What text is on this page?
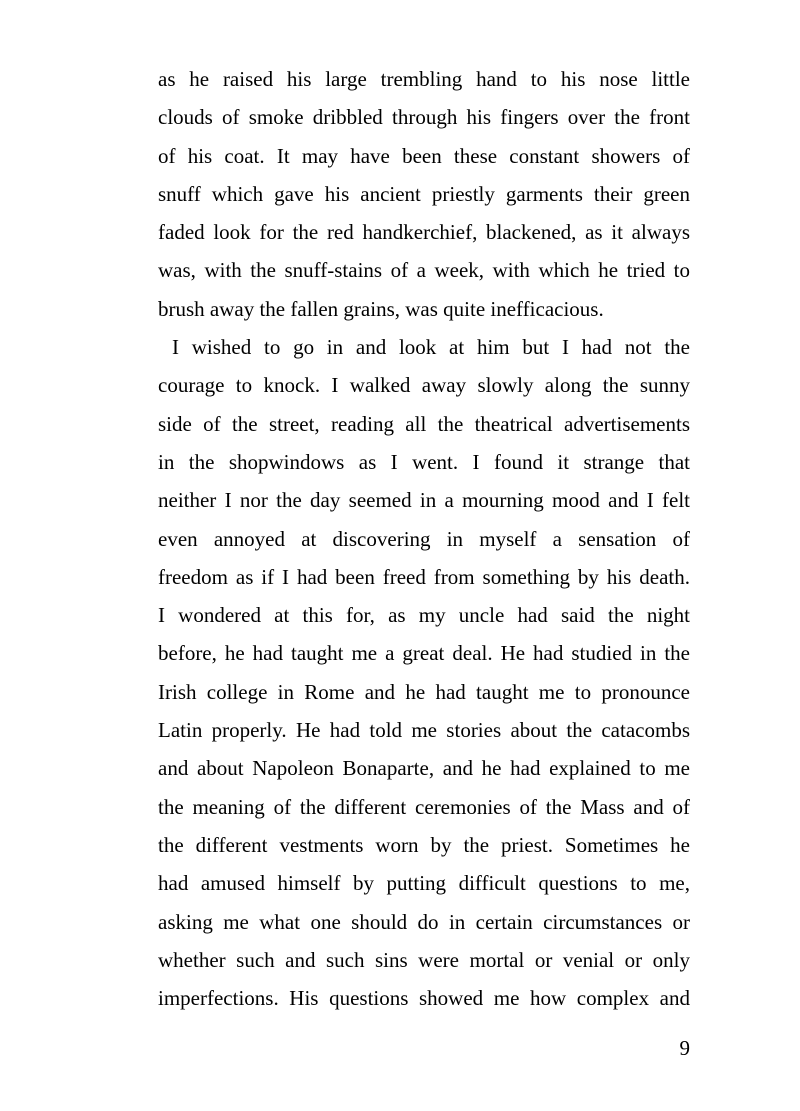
as he raised his large trembling hand to his nose little
clouds of smoke dribbled through his fingers over the front
of his coat. It may have been these constant showers of
snuff which gave his ancient priestly garments their green
faded look for the red handkerchief, blackened, as it always
was, with the snuff-stains of a week, with which he tried to
brush away the fallen grains, was quite inefficacious.
I wished to go in and look at him but I had not the
courage to knock. I walked away slowly along the sunny
side of the street, reading all the theatrical advertisements
in the shopwindows as I went. I found it strange that
neither I nor the day seemed in a mourning mood and I felt
even annoyed at discovering in myself a sensation of
freedom as if I had been freed from something by his death.
I wondered at this for, as my uncle had said the night
before, he had taught me a great deal. He had studied in the
Irish college in Rome and he had taught me to pronounce
Latin properly. He had told me stories about the catacombs
and about Napoleon Bonaparte, and he had explained to me
the meaning of the different ceremonies of the Mass and of
the different vestments worn by the priest. Sometimes he
had amused himself by putting difficult questions to me,
asking me what one should do in certain circumstances or
whether such and such sins were mortal or venial or only
imperfections. His questions showed me how complex and
9
